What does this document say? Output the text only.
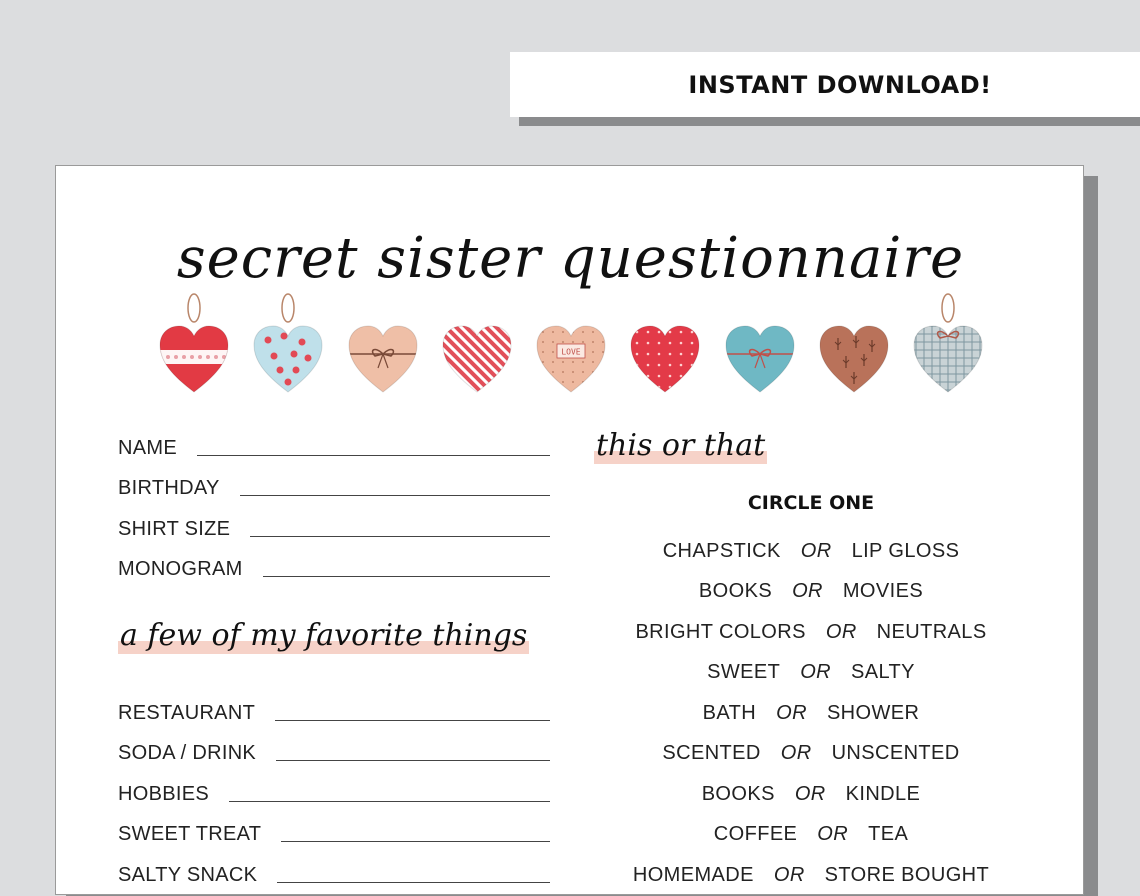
INSTANT DOWNLOAD!
secret sister questionnaire
LOVE
NAME
BIRTHDAY
SHIRT SIZE
MONOGRAM
a few of my favorite things
RESTAURANT
SODA / DRINK
HOBBIES
SWEET TREAT
SALTY SNACK
this or that
CIRCLE ONE
CHAPSTICK OR LIP GLOSS
BOOKS OR MOVIES
BRIGHT COLORS OR NEUTRALS
SWEET OR SALTY
BATH OR SHOWER
SCENTED OR UNSCENTED
BOOKS OR KINDLE
COFFEE OR TEA
HOMEMADE OR STORE BOUGHT
